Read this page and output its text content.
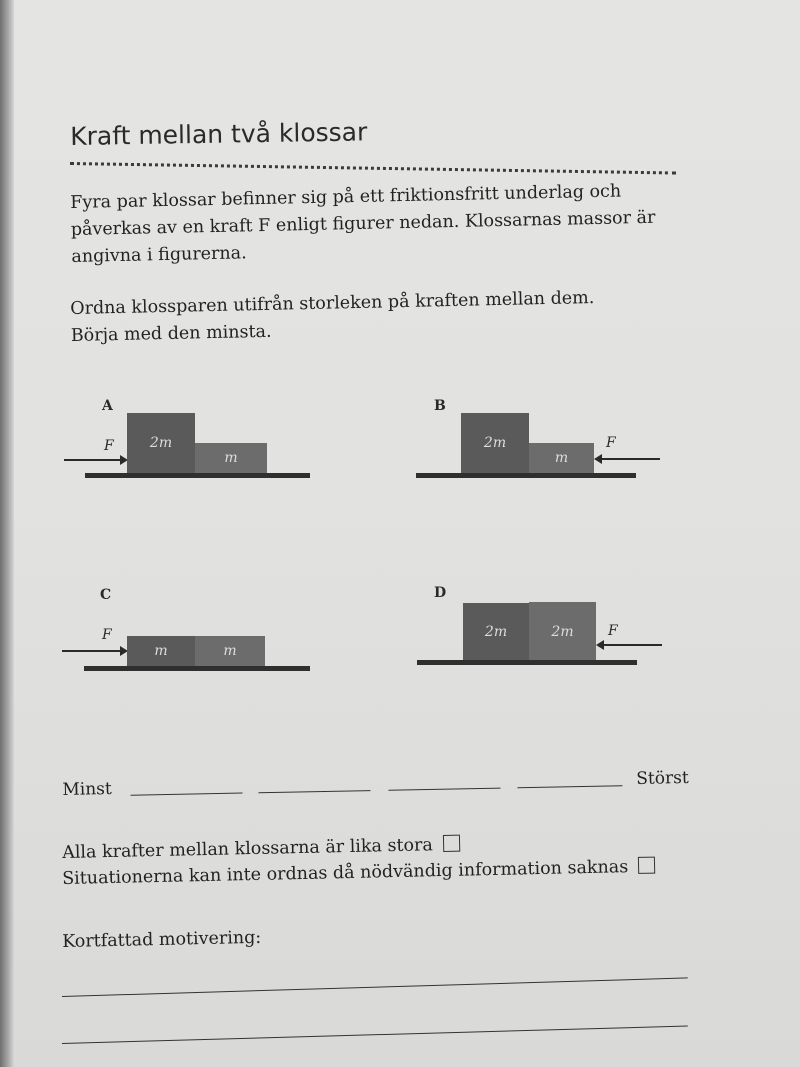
Kraft mellan två klossar

Fyra par klossar befinner sig på ett friktionsfritt underlag och

påverkas av en kraft F enligt figurer nedan. Klossarnas massor är

angivna i figurerna.

Ordna klossparen utifrån storleken på kraften mellan dem.

Börja med den minsta.

A
F	2m
m
B
2m
m
F
C
F
m	m
D
2m	2m	F
Minst
Störst
Alla krafter mellan klossarna är lika stora
Situationerna kan inte ordnas då nödvändig information saknas
Kortfattad motivering:
